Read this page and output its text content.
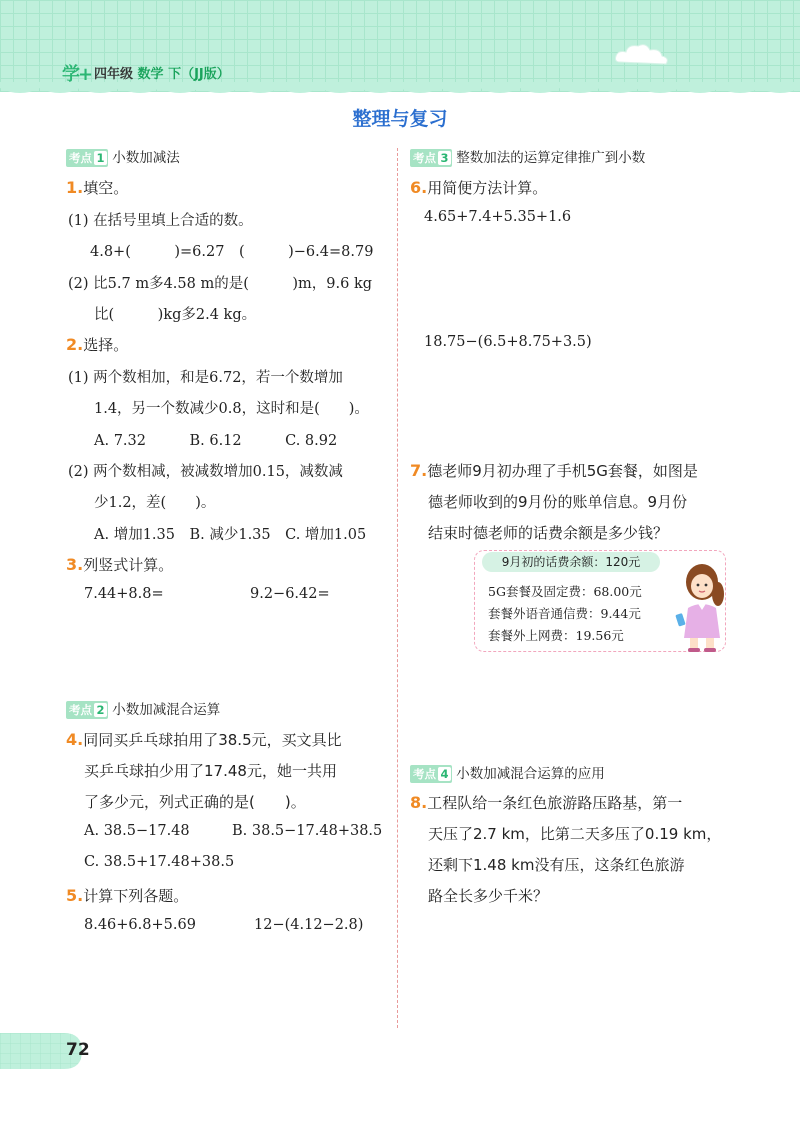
学+ 四年级 数学 下（JJ版）
整理与复习
考点 1 小数加减法
1.填空。
(1) 在括号里填上合适的数。
4.8+(　　　)=6.27　(　　　)−6.4=8.79
(2) 比5.7 m多4.58 m的是(　　　)m，9.6 kg
比(　　　)kg多2.4 kg。
2.选择。
(1) 两个数相加，和是6.72，若一个数增加
1.4，另一个数减少0.8，这时和是(　　)。
A. 7.32　　　B. 6.12　　　C. 8.92
(2) 两个数相减，被减数增加0.15，减数减
少1.2，差(　　)。
A. 增加1.35　B. 减少1.35　C. 增加1.05
3.列竖式计算。
7.44+8.8=	9.2−6.42=
考点 2 小数加减混合运算
4.同同买乒乓球拍用了38.5元，买文具比
买乒乓球拍少用了17.48元，她一共用
了多少元，列式正确的是(　　)。
A. 38.5−17.48	B. 38.5−17.48+38.5
C. 38.5+17.48+38.5
5.计算下列各题。
8.46+6.8+5.69	12−(4.12−2.8)
考点 3 整数加法的运算定律推广到小数
6.用简便方法计算。
4.65+7.4+5.35+1.6
18.75−(6.5+8.75+3.5)
7.德老师9月初办理了手机5G套餐，如图是
德老师收到的9月份的账单信息。9月份
结束时德老师的话费余额是多少钱？
9月初的话费余额：120元
5G套餐及固定费：68.00元
套餐外语音通信费：9.44元
套餐外上网费：19.56元
考点 4 小数加减混合运算的应用
8.工程队给一条红色旅游路压路基，第一
天压了2.7 km，比第二天多压了0.19 km，
还剩下1.48 km没有压，这条红色旅游
路全长多少千米？
72
